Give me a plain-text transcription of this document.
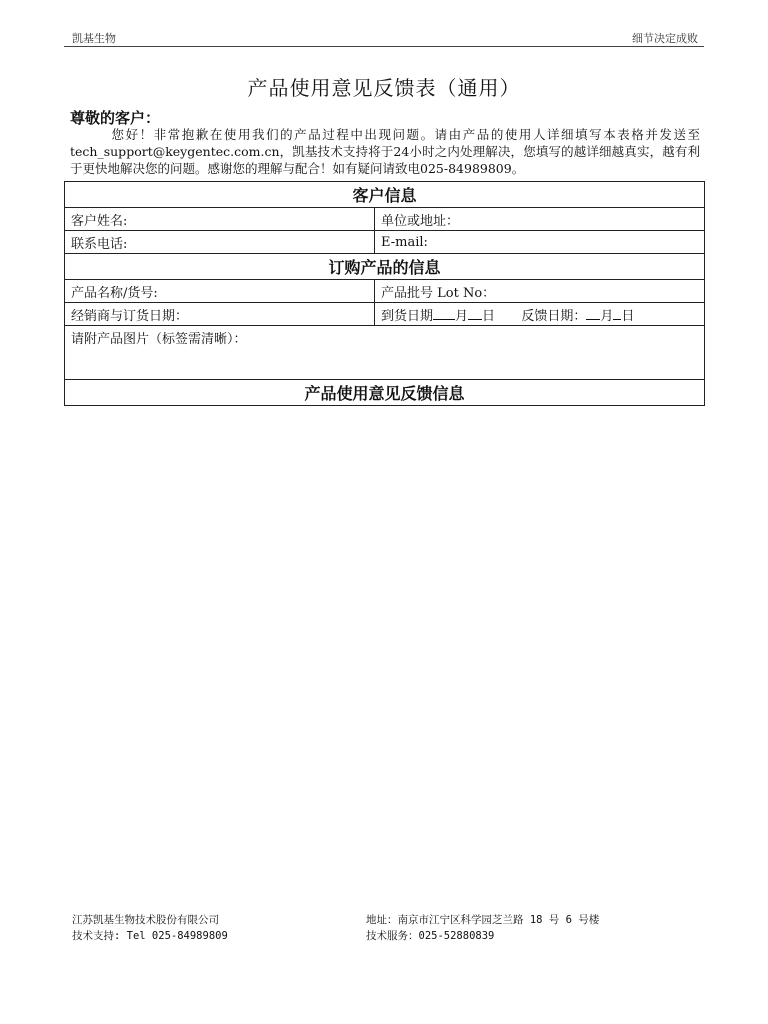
凯基生物	细节决定成败
产品使用意见反馈表（通用）
尊敬的客户：
您好！非常抱歉在使用我们的产品过程中出现问题。请由产品的使用人详细填写本表格并发送至tech_support@keygentec.com.cn，凯基技术支持将于24小时之内处理解决，您填写的越详细越真实，越有利于更快地解决您的问题。感谢您的理解与配合！如有疑问请致电025-84989809。
客户信息	
客户姓名:	单位或地址：
联系电话:	E-mail:
订购产品的信息	
产品名称/货号:	产品批号 Lot No：
经销商与订货日期：	到货日期 月 日 反馈日期： 月 日
请附产品图片（标签需清晰）：	
产品使用意见反馈信息	
江苏凯基生物技术股份有限公司
技术支持: Tel 025-84989809
地址：南京市江宁区科学园芝兰路 18 号 6 号楼
技术服务：025-52880839
